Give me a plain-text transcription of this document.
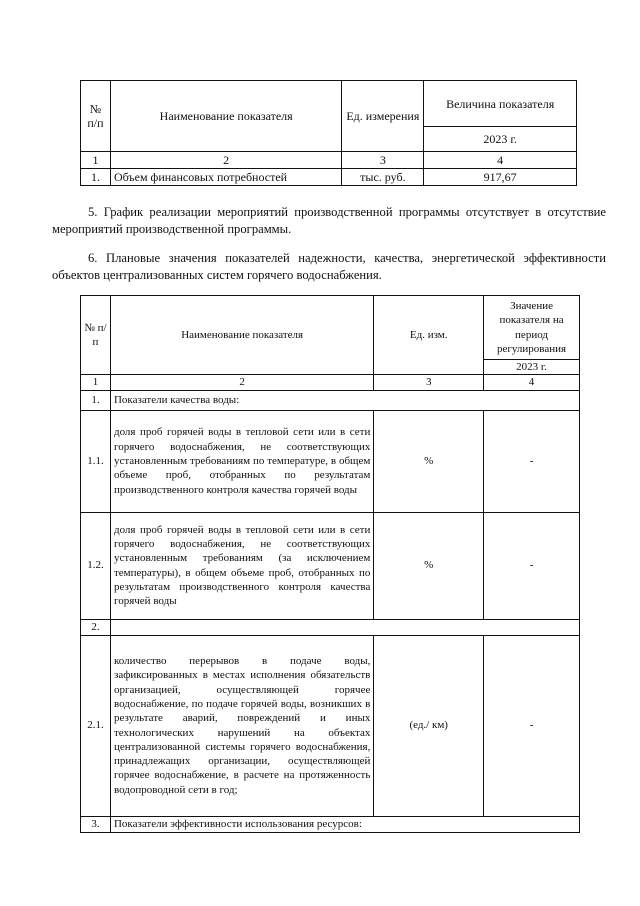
№ п/п	Наименование показателя	Ед. измерения	Величина показателя
			2023 г.
1	2	3	4
1.	Объем финансовых потребностей	тыс. руб.	917,67
5. График реализации мероприятий производственной программы отсутствует в отсутствие мероприятий производственной программы.
6. Плановые значения показателей надежности, качества, энергетической эффективности объектов централизованных систем горячего водоснабжения.
№ п/п	Наименование показателя	Ед. изм.	Значение показателя на период регулирования
			2023 г.
1	2	3	4
1.	Показатели качества воды:		
1.1.	доля проб горячей воды в тепловой сети или в сети горячего водоснабжения, не соответствующих установленным требованиям по температуре, в общем объеме проб, отобранных по результатам производственного контроля качества горячей воды	%	-
1.2.	доля проб горячей воды в тепловой сети или в сети горячего водоснабжения, не соответствующих установленным требованиям (за исключением температуры), в общем объеме проб, отобранных по результатам производственного контроля качества горячей воды	%	-
2.			
2.1.	количество перерывов в подаче воды, зафиксированных в местах исполнения обязательств организацией, осуществляющей горячее водоснабжение, по подаче горячей воды, возникших в результате аварий, повреждений и иных технологических нарушений на объектах централизованной системы горячего водоснабжения, принадлежащих организации, осуществляющей горячее водоснабжение, в расчете на протяженность водопроводной сети в год;	(ед./ км)	-
3.	Показатели эффективности использования ресурсов:		
